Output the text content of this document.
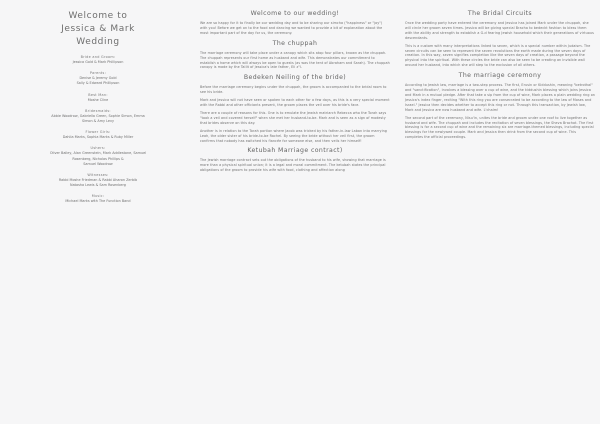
Welcome to

Jessica & Mark

Wedding

Bride and Groom:

Jessica Gold & Mark Phillipson

Parents:

Denise & Jeremy Gold

Sally & Edward Phillipson

Best Man:

Moshe Cline

Bridesmaids:

Abbie Woodrow, Gabriella Green, Sophie Simon, Emma

Simon & Amy Levy

Flower Girls:

Dahlia Marks, Sophia Marks & Ruby Miller

Ushers:

Oliver Bailey, Alan Greenstein, Mark Addlestone, Samuel

Rosenberg, Nicholas Phillips &

Samuel Woodrow

Witnesses:

Rabbi Moshe Friedman & Rabbi Aharon Zerbib

Natasha Lewis & Sam Rosenberg

Music:

Michael Marks with The Function Band

Welcome to our wedding!

We are so happy for it to finally be our wedding day and to be sharing our simcha ("happiness" or "joy") with you! Before we get on to the food and dancing we wanted to provide a bit of explanation about the most important part of the day for us, the ceremony.

The chuppah

The marriage ceremony will take place under a canopy which sits atop four pillars, known as the chuppah. The chuppah represents our first home as husband and wife. This demonstrates our commitment to establish a home which will always be open to guests (as was the tent of Abraham and Sarah). The chuppah canopy is made by the Tallit of Jessica's late father, Eli z"l.

Bedeken Neiling of the bride)

Before the marriage ceremony begins under the chuppah, the groom is accompanied to the bridal room to see his bride.

Mark and Jessica will not have seen or spoken to each other for a few days, as this is a very special moment with the Rabbi and other officiants present, the groom places the veil over his bride's face.

There are a couple of reasons for this. One is to emulate the Jewish matriarch Rebecca who the Torah says "took a veil and covered herself" when she met her husband-to-be. Mark and is seen as a sign of modesty that brides observe on this day.

Another is in relation to the Torah portion where Jacob was tricked by his father-in-law Laban into marrying Leah, the older sister of his bride-to-be Rachel. By seeing the bride without her veil first, the groom confirms that nobody has switched his fiancée for someone else, and then veils her himself!

Ketubah Marriage contract)

The Jewish marriage contract sets out the obligations of the husband to his wife, showing that marriage is more than a physical spiritual union; it is a legal and moral commitment. The ketubah states the principal obligations of the groom to provide his wife with food, clothing and affection along

The Bridal Circuits

Once the wedding party have entered the ceremony and Jessica has joined Mark under the chuppah, she will circle her groom seven times. Jessica will be giving special Bracha to bedeckt fashion to bless them with the ability and strength to establish a G-d fearing Jewish household which their generations of virtuous descendants.

This is a custom with many interpretations linked to seven, which is a special number within Judaism. The seven circuits can be seen to represent the seven revolutions the earth made during the seven days of creation. In this way, seven signifies completion like the seven days of creation, a passage beyond the physical into the spiritual. With these circles the bride can also be seen to be creating an invisible wall around her husband, into which she will step to the exclusion of all others.

The marriage ceremony

According to Jewish law, marriage is a two-step process. The first, Erusin or Kiddushin, meaning "betrothal" and "sanctification", involves a blessing over a cup of wine, and the kiddushin blessing which joins Jessica and Mark in a mutual pledge. After that take a sip from the cup of wine, Mark places a plain wedding ring on Jessica's index finger, reciting "With this ring you are consecrated to be according to the law of Moses and Israel." Jessica then decides whether to accept this ring or not. Through this transaction, by Jewish law, Mark and Jessica are now husband and wife. L'chaim!

The second part of the ceremony, Nisu'in, unites the bride and groom under one roof to live together as husband and wife. The chuppah and includes the recitation of seven blessings, the Sheva Brachot. The first blessing is for a second cup of wine and the remaining six are marriage-themed blessings, including special blessings for the newlywed couple. Mark and Jessica then drink from the second cup of wine. This completes the official proceedings.
